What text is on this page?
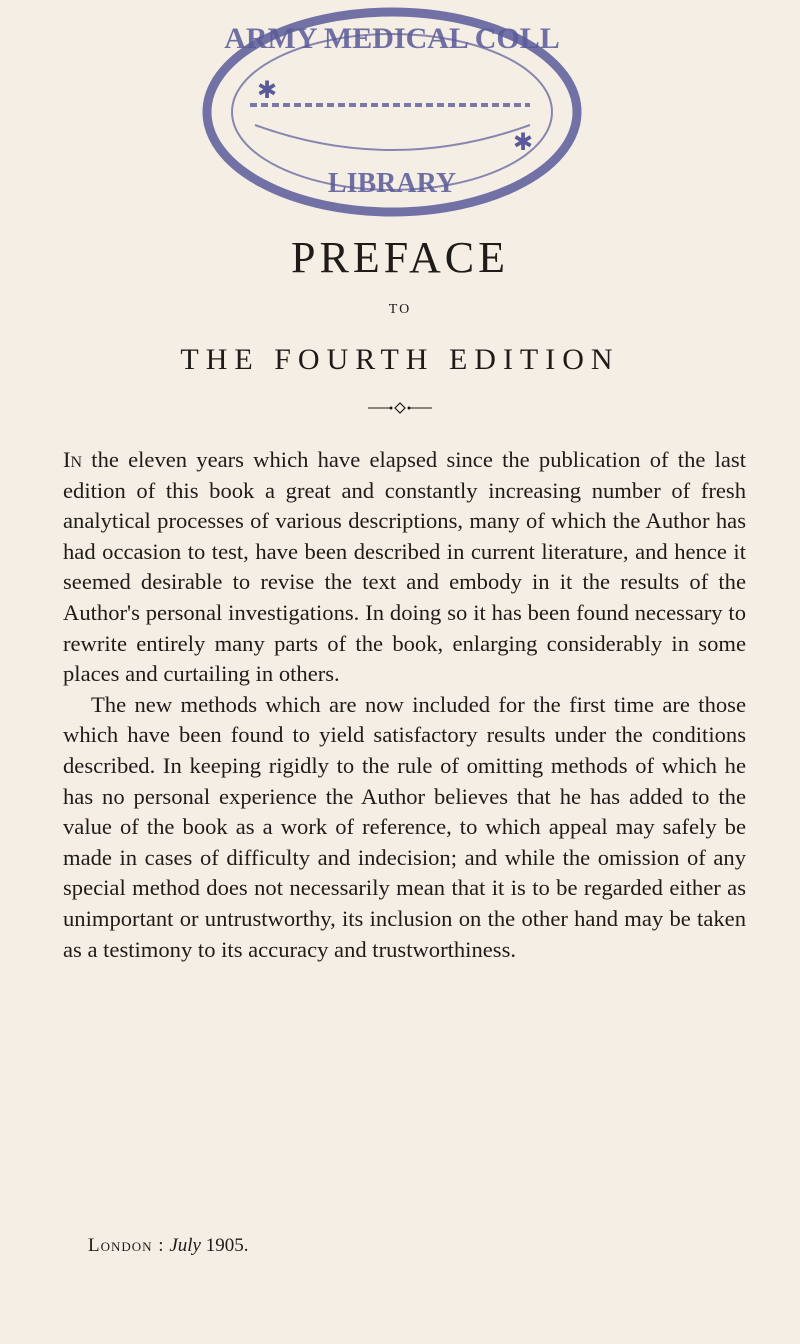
ARMY MEDICAL COLL
LIBRARY
✱
✱
PREFACE
TO
THE FOURTH EDITION

In the eleven years which have elapsed since the publication of the last edition of this book a great and constantly increasing number of fresh analytical processes of various descriptions, many of which the Author has had occasion to test, have been described in current literature, and hence it seemed desirable to revise the text and embody in it the results of the Author's personal investigations. In doing so it has been found necessary to rewrite entirely many parts of the book, enlarging considerably in some places and curtailing in others.

The new methods which are now included for the first time are those which have been found to yield satisfactory results under the conditions described. In keeping rigidly to the rule of omitting methods of which he has no personal experience the Author believes that he has added to the value of the book as a work of reference, to which appeal may safely be made in cases of difficulty and indecision; and while the omission of any special method does not necessarily mean that it is to be regarded either as unimportant or untrustworthy, its inclusion on the other hand may be taken as a testimony to its accuracy and trustworthiness.

London : July 1905.
